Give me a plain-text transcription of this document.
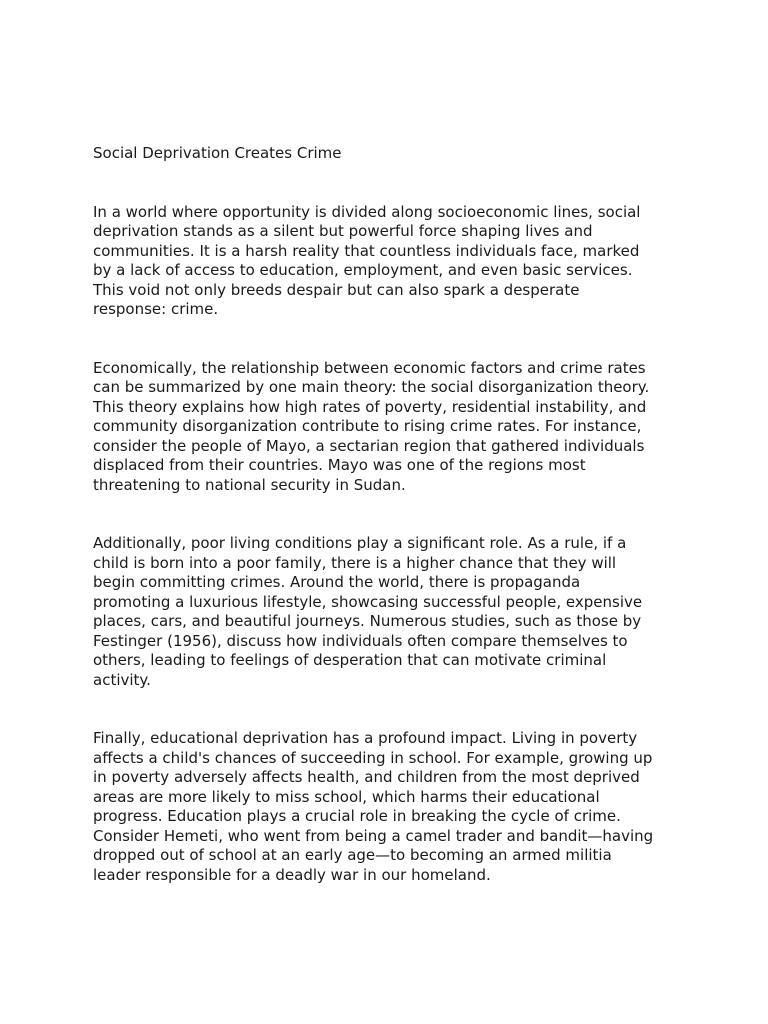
Social Deprivation Creates Crime

In a world where opportunity is divided along socioeconomic lines, social
deprivation stands as a silent but powerful force shaping lives and
communities. It is a harsh reality that countless individuals face, marked
by a lack of access to education, employment, and even basic services.
This void not only breeds despair but can also spark a desperate
response: crime.

Economically, the relationship between economic factors and crime rates
can be summarized by one main theory: the social disorganization theory.
This theory explains how high rates of poverty, residential instability, and
community disorganization contribute to rising crime rates. For instance,
consider the people of Mayo, a sectarian region that gathered individuals
displaced from their countries. Mayo was one of the regions most
threatening to national security in Sudan.

Additionally, poor living conditions play a significant role. As a rule, if a
child is born into a poor family, there is a higher chance that they will
begin committing crimes. Around the world, there is propaganda
promoting a luxurious lifestyle, showcasing successful people, expensive
places, cars, and beautiful journeys. Numerous studies, such as those by
Festinger (1956), discuss how individuals often compare themselves to
others, leading to feelings of desperation that can motivate criminal
activity.

Finally, educational deprivation has a profound impact. Living in poverty
affects a child's chances of succeeding in school. For example, growing up
in poverty adversely affects health, and children from the most deprived
areas are more likely to miss school, which harms their educational
progress. Education plays a crucial role in breaking the cycle of crime.
Consider Hemeti, who went from being a camel trader and bandit—having
dropped out of school at an early age—to becoming an armed militia
leader responsible for a deadly war in our homeland.
